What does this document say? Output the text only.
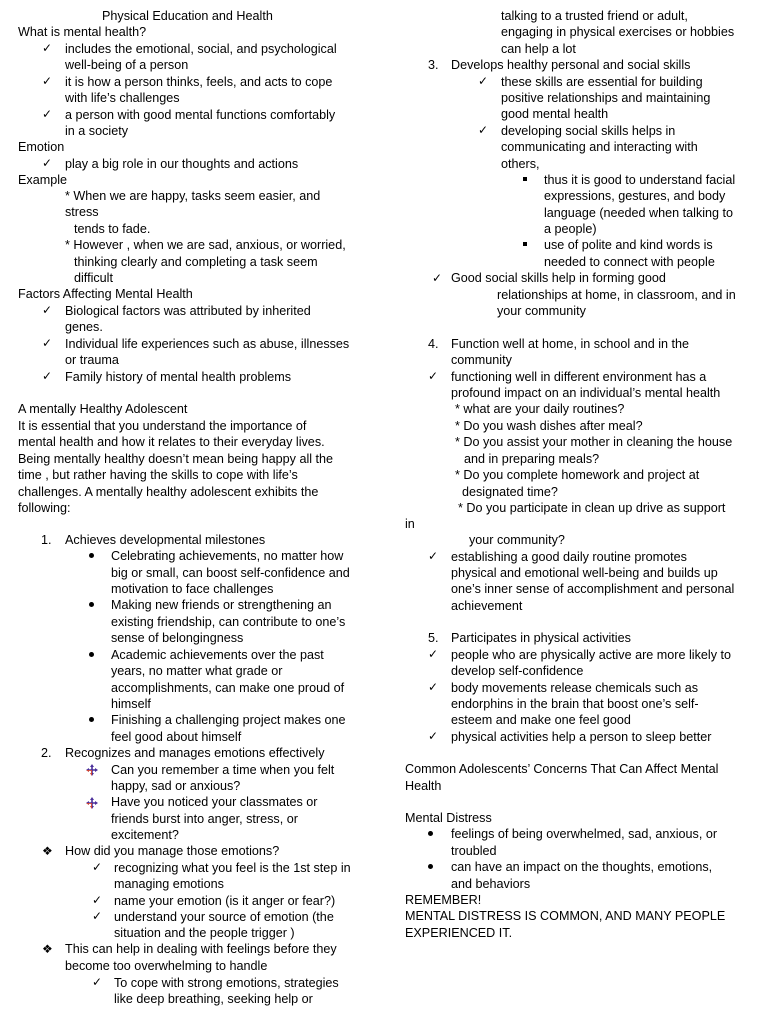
Physical Education and Health
What is mental health?
✓ includes the emotional, social, and psychological
well-being of a person
✓ it is how a person thinks, feels, and acts to cope
with life’s challenges
✓ a person with good mental functions comfortably
in a society
Emotion
✓ play a big role in our thoughts and actions
Example
* When we are happy, tasks seem easier, and
stress
tends to fade.
* However , when we are sad, anxious, or worried,
thinking clearly and completing a task seem
difficult
Factors Affecting Mental Health
✓ Biological factors was attributed by inherited
genes.
✓ Individual life experiences such as abuse, illnesses
or trauma
✓ Family history of mental health problems
A mentally Healthy Adolescent
It is essential that you understand the importance of
mental health and how it relates to their everyday lives.
Being mentally healthy doesn’t mean being happy all the
time , but rather having the skills to cope with life’s
challenges. A mentally healthy adolescent exhibits the
following:
1. Achieves developmental milestones
Celebrating achievements, no matter how
big or small, can boost self-confidence and
motivation to face challenges
Making new friends or strengthening an
existing friendship, can contribute to one’s
sense of belongingness
Academic achievements over the past
years, no matter what grade or
accomplishments, can make one proud of
himself
Finishing a challenging project makes one
feel good about himself
2. Recognizes and manages emotions effectively
Can you remember a time when you felt
happy, sad or anxious?
Have you noticed your classmates or
friends burst into anger, stress, or
excitement?
❖ How did you manage those emotions?
✓ recognizing what you feel is the 1st step in
managing emotions
✓ name your emotion (is it anger or fear?)
✓ understand your source of emotion (the
situation and the people trigger )
❖ This can help in dealing with feelings before they
become too overwhelming to handle
✓ To cope with strong emotions, strategies
like deep breathing, seeking help or
talking to a trusted friend or adult,
engaging in physical exercises or hobbies
can help a lot
3. Develops healthy personal and social skills
✓ these skills are essential for building
positive relationships and maintaining
good mental health
✓ developing social skills helps in
communicating and interacting with
others,
thus it is good to understand facial
expressions, gestures, and body
language (needed when talking to
a people)
use of polite and kind words is
needed to connect with people
✓ Good social skills help in forming good
relationships at home, in classroom, and in
your community
4. Function well at home, in school and in the
community
✓ functioning well in different environment has a
profound impact on an individual’s mental health
* what are your daily routines?
* Do you wash dishes after meal?
* Do you assist your mother in cleaning the house
and in preparing meals?
* Do you complete homework and project at
designated time?
* Do you participate in clean up drive as support
in
your community?
✓ establishing a good daily routine promotes
physical and emotional well-being and builds up
one’s inner sense of accomplishment and personal
achievement
5. Participates in physical activities
✓ people who are physically active are more likely to
develop self-confidence
✓ body movements release chemicals such as
endorphins in the brain that boost one’s self-
esteem and make one feel good
✓ physical activities help a person to sleep better
Common Adolescents’ Concerns That Can Affect Mental
Health
Mental Distress
feelings of being overwhelmed, sad, anxious, or
troubled
can have an impact on the thoughts, emotions,
and behaviors
REMEMBER!
MENTAL DISTRESS IS COMMON, AND MANY PEOPLE
EXPERIENCED IT.
